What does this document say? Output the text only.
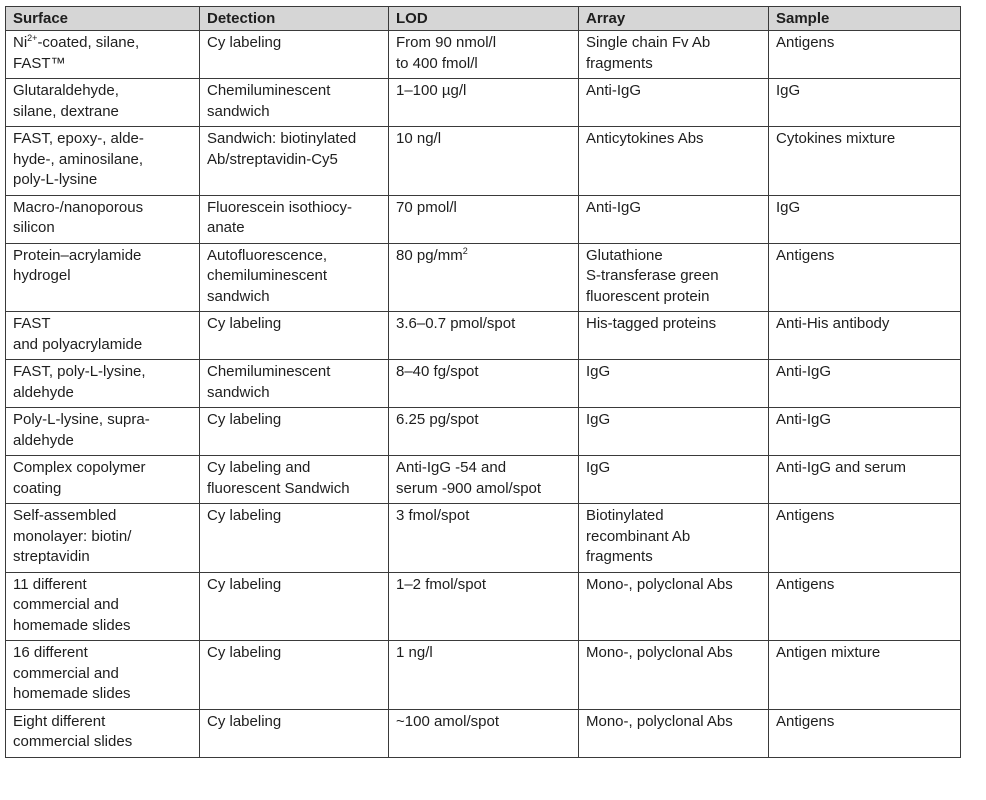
Surface	Detection	LOD	Array	Sample

$Ni^{2+}$-coated, silane,
FAST™	Cy labeling	From 90 nmol/l
to 400 fmol/l	Single chain Fv Ab
fragments	Antigens

Glutaraldehyde,
silane, dextrane	Chemiluminescent
sandwich	1–100 µg/l	Anti-IgG	IgG

FAST, epoxy-, alde-
hyde-, aminosilane,
poly-L-lysine	Sandwich: biotinylated
Ab/streptavidin-Cy5	10 ng/l	Anticytokines Abs	Cytokines mixture

Macro-/nanoporous
silicon	Fluorescein isothiocy-
anate	70 pmol/l	Anti-IgG	IgG

Protein–acrylamide
hydrogel	Autofluorescence,
chemiluminescent
sandwich	80 $pg/mm^2$	Glutathione
S-transferase green
fluorescent protein	Antigens

FAST
and polyacrylamide	Cy labeling	3.6–0.7 pmol/spot	His-tagged proteins	Anti-His antibody

FAST, poly-L-lysine,
aldehyde	Chemiluminescent
sandwich	8–40 fg/spot	IgG	Anti-IgG

Poly-L-lysine, supra-
aldehyde	Cy labeling	6.25 pg/spot	IgG	Anti-IgG

Complex copolymer
coating	Cy labeling and
fluorescent Sandwich	Anti-IgG -54 and
serum -900 amol/spot	IgG	Anti-IgG and serum

Self-assembled
monolayer: biotin/
streptavidin	Cy labeling	3 fmol/spot	Biotinylated
recombinant Ab
fragments	Antigens

11 different
commercial and
homemade slides	Cy labeling	1–2 fmol/spot	Mono-, polyclonal Abs	Antigens

16 different
commercial and
homemade slides	Cy labeling	1 ng/l	Mono-, polyclonal Abs	Antigen mixture

Eight different
commercial slides	Cy labeling	~100 amol/spot	Mono-, polyclonal Abs	Antigens
